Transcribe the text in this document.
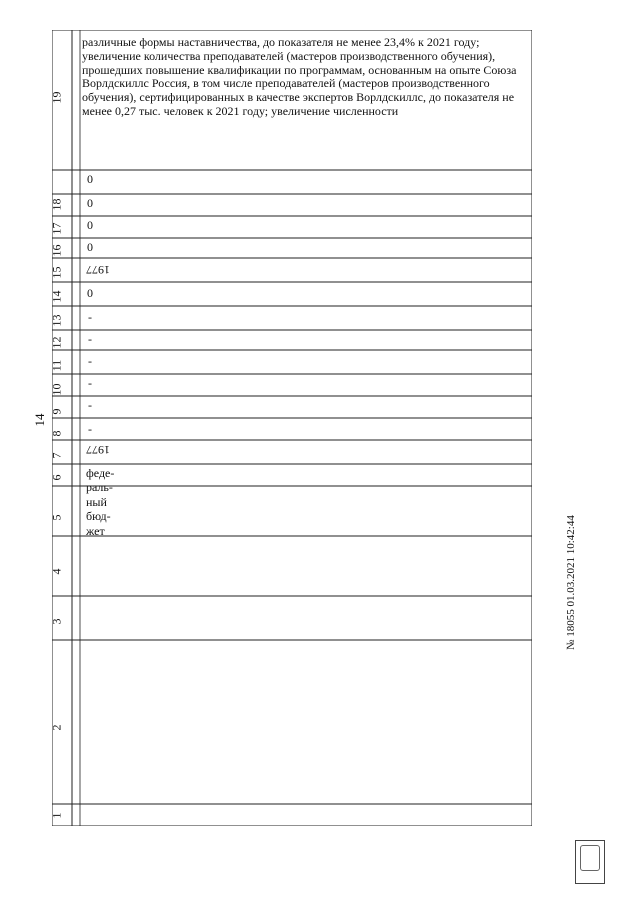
14
1
2
3
4
5
6
7
8
9
10
11
12
13
14
15
16
17
18
19
феде-
раль-
ный
бюд-
жет
1977
-
-
-
-
-
-
0
1977
0
0
0
0
различные формы наставничества, до показателя не менее 23,4% к 2021 году; увеличение количества преподавателей (мастеров производственного обучения), прошедших повышение квалификации по программам, основанным на опыте Союза Ворлдскиллс Россия, в том числе преподавателей (мастеров производственного обучения), сертифицированных в качестве экспертов Ворлдскиллс, до показателя не менее 0,27 тыс. человек к 2021 году; увеличение численности
№ 18055 01.03.2021 10:42:44
